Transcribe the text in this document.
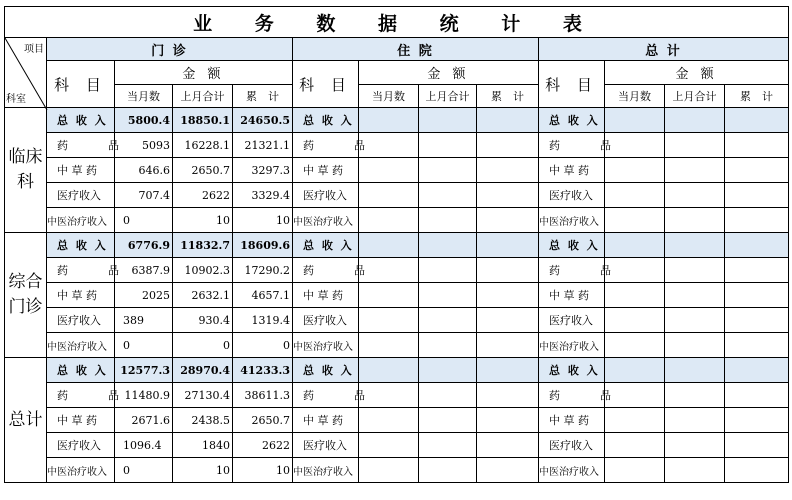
业 务 数 据 统 计 表												

项目
科室	门 诊				住 院				总 计			
	科 目	金 额			科 目	金 额			科 目	金 额		
		当月数	上月合计	累　计		当月数	上月合计	累　计		当月数	上月合计	累　计
临床科	总 收 入	5800.4	18850.1	24650.5	总 收 入				总 收 入			
	药　　品	5093	16228.1	21321.1	药　　品				药　　品			
	中 草 药	646.6	2650.7	3297.3	中 草 药				中 草 药			
	医疗收入	707.4	2622	3329.4	医疗收入				医疗收入			
	中医治疗收入	0	10	10	中医治疗收入				中医治疗收入			
综合门诊	总 收 入	6776.9	11832.7	18609.6	总 收 入				总 收 入			
	药　　品	6387.9	10902.3	17290.2	药　　品				药　　品			
	中 草 药	2025	2632.1	4657.1	中 草 药				中 草 药			
	医疗收入	389	930.4	1319.4	医疗收入				医疗收入			
	中医治疗收入	0	0	0	中医治疗收入				中医治疗收入			
总计	总 收 入	12577.3	28970.4	41233.3	总 收 入				总 收 入			
	药　　品	11480.9	27130.4	38611.3	药　　品				药　　品			
	中 草 药	2671.6	2438.5	2650.7	中 草 药				中 草 药			
	医疗收入	1096.4	1840	2622	医疗收入				医疗收入			
	中医治疗收入	0	10	10	中医治疗收入				中医治疗收入			
